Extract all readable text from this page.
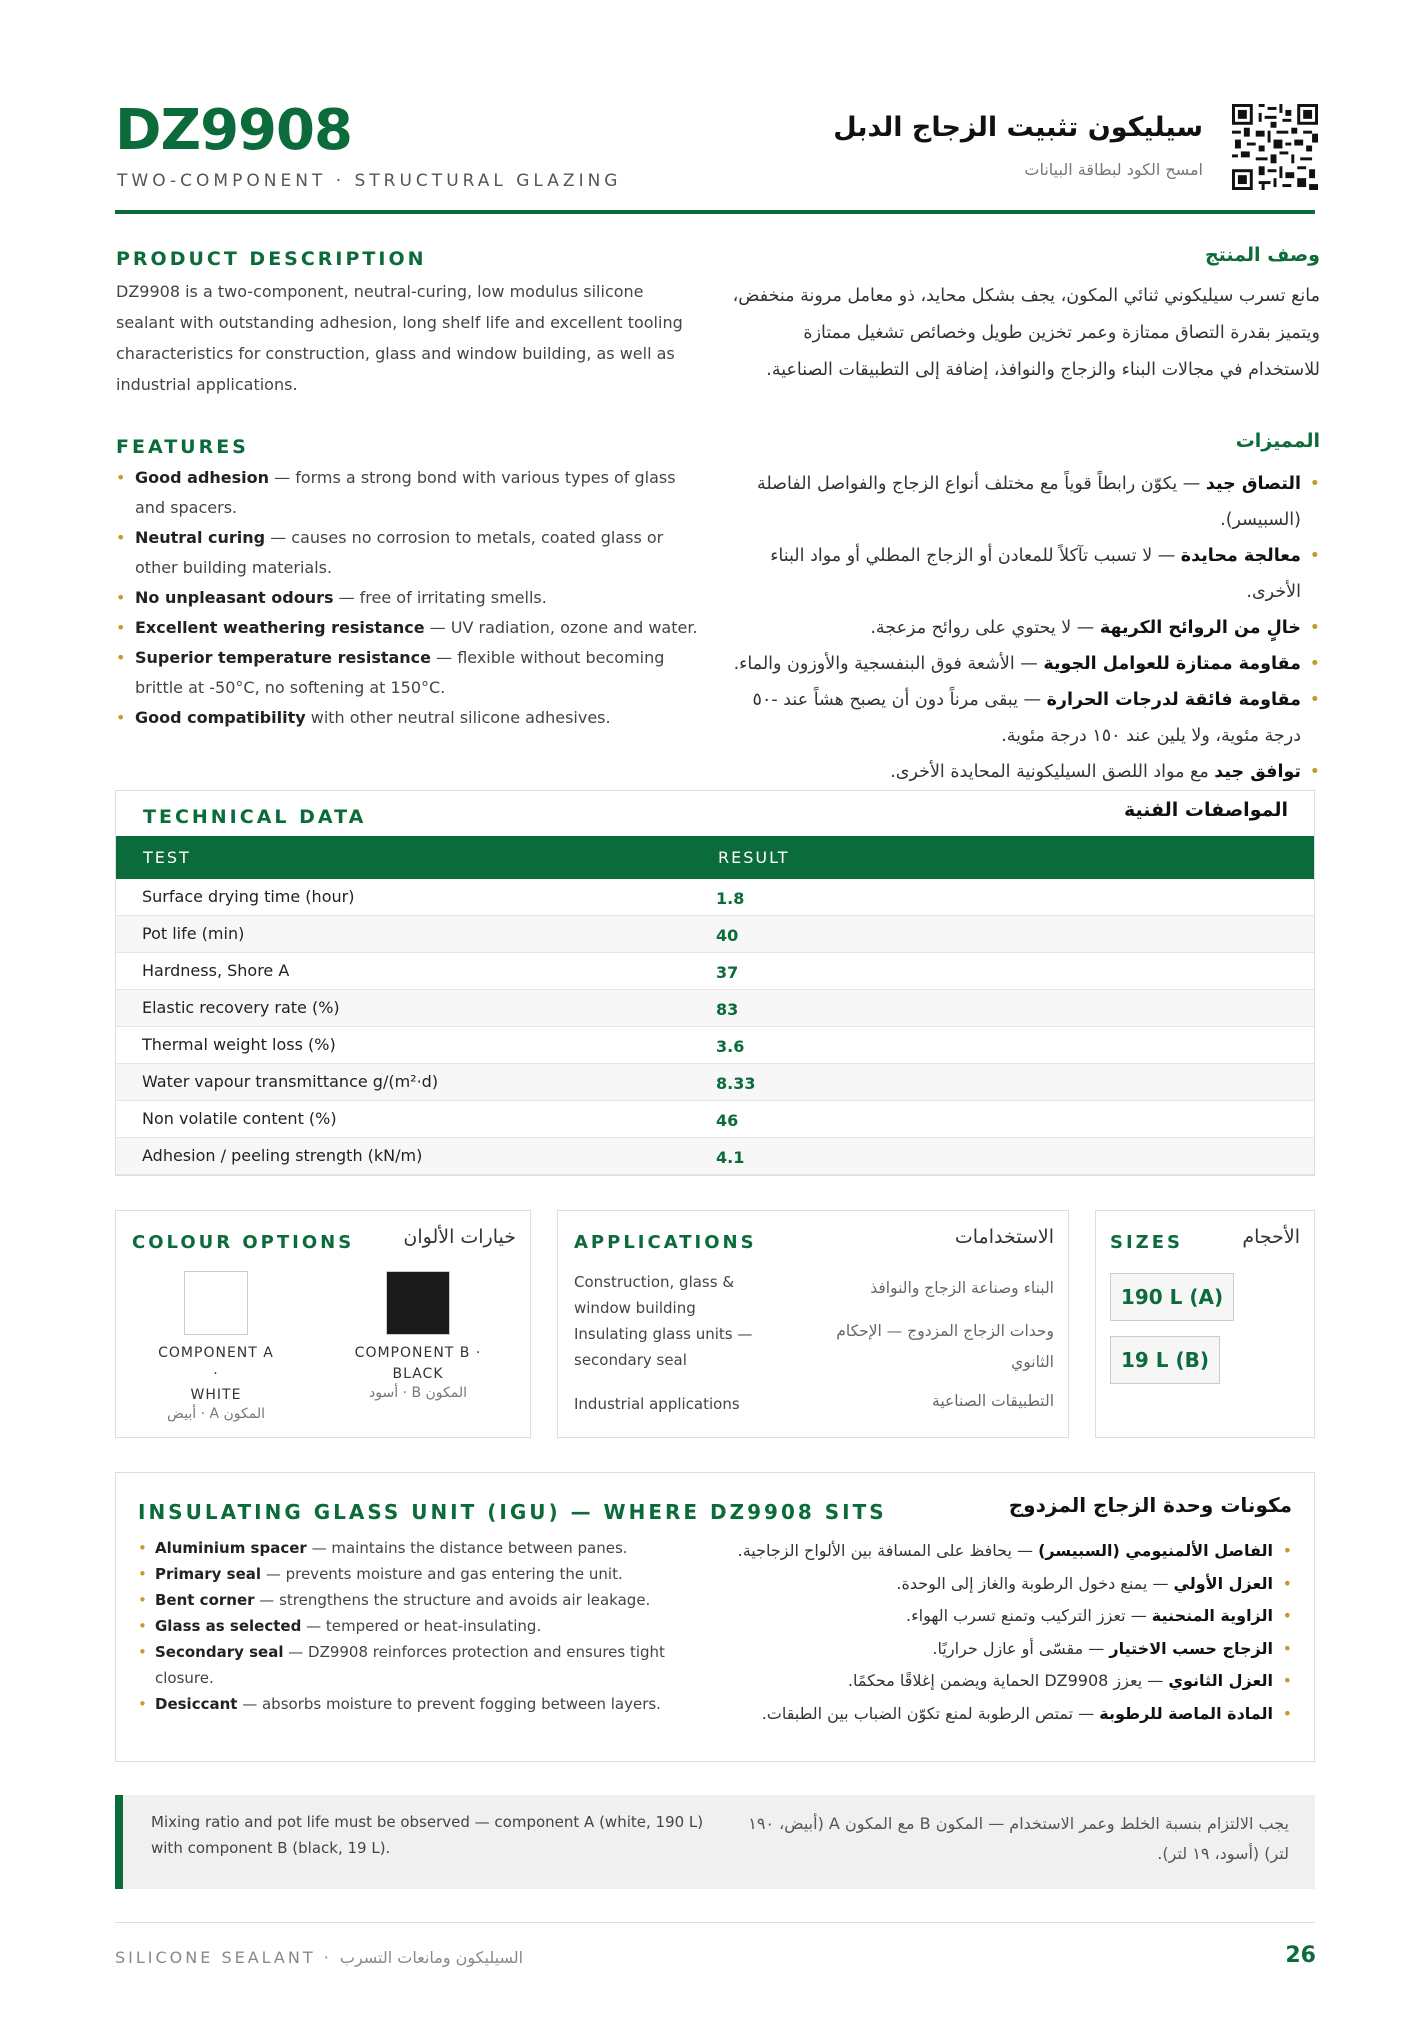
DZ9908
TWO-COMPONENT · STRUCTURAL GLAZING
سيليكون تثبيت الزجاج الدبل
امسح الكود لبطاقة البيانات
PRODUCT DESCRIPTION	وصف المنتج
DZ9908 is a two-component, neutral-curing, low modulus silicone sealant with outstanding adhesion, long shelf life and excellent tooling characteristics for construction, glass and window building, as well as industrial applications.
مانع تسرب سيليكوني ثنائي المكون، يجف بشكل محايد، ذو معامل مرونة منخفض، ويتميز بقدرة التصاق ممتازة وعمر تخزين طويل وخصائص تشغيل ممتازة للاستخدام في مجالات البناء والزجاج والنوافذ، إضافة إلى التطبيقات الصناعية.
FEATURES	المميزات
• Good adhesion — forms a strong bond with various types of glass and spacers.
• Neutral curing — causes no corrosion to metals, coated glass or other building materials.
• No unpleasant odours — free of irritating smells.
• Excellent weathering resistance — UV radiation, ozone and water.
• Superior temperature resistance — flexible without becoming brittle at -50°C, no softening at 150°C.
• Good compatibility with other neutral silicone adhesives.
• التصاق جيد — يكوّن رابطاً قوياً مع مختلف أنواع الزجاج والفواصل الفاصلة (السبيسر).
• معالجة محايدة — لا تسبب تآكلاً للمعادن أو الزجاج المطلي أو مواد البناء الأخرى.
• خالٍ من الروائح الكريهة — لا يحتوي على روائح مزعجة.
• مقاومة ممتازة للعوامل الجوية — الأشعة فوق البنفسجية والأوزون والماء.
• مقاومة فائقة لدرجات الحرارة — يبقى مرناً دون أن يصبح هشاً عند -٥٠ درجة مئوية، ولا يلين عند ١٥٠ درجة مئوية.
• توافق جيد مع مواد اللصق السيليكونية المحايدة الأخرى.
TECHNICAL DATA	المواصفات الفنية
TEST	RESULT
Surface drying time (hour)	1.8
Pot life (min)	40
Hardness, Shore A	37
Elastic recovery rate (%)	83
Thermal weight loss (%)	3.6
Water vapour transmittance g/(m²·d)	8.33
Non volatile content (%)	46
Adhesion / peeling strength (kN/m)	4.1
COLOUR OPTIONS	خيارات الألوان
COMPONENT A ·
WHITE
المكون A · أبيض
COMPONENT B ·
BLACK
المكون B · أسود
APPLICATIONS	الاستخدامات
Construction, glass & window building
Insulating glass units — secondary seal
Industrial applications
البناء وصناعة الزجاج والنوافذ
وحدات الزجاج المزدوج — الإحكام الثانوي
التطبيقات الصناعية
SIZES	الأحجام
190 L (A)
19 L (B)
INSULATING GLASS UNIT (IGU) — WHERE DZ9908 SITS	مكونات وحدة الزجاج المزدوج
• Aluminium spacer — maintains the distance between panes.
• Primary seal — prevents moisture and gas entering the unit.
• Bent corner — strengthens the structure and avoids air leakage.
• Glass as selected — tempered or heat-insulating.
• Secondary seal — DZ9908 reinforces protection and ensures tight closure.
• Desiccant — absorbs moisture to prevent fogging between layers.
• الفاصل الألمنيومي (السبيسر) — يحافظ على المسافة بين الألواح الزجاجية.
• العزل الأولي — يمنع دخول الرطوبة والغاز إلى الوحدة.
• الزاوية المنحنية — تعزز التركيب وتمنع تسرب الهواء.
• الزجاج حسب الاختيار — مقسّى أو عازل حراريًا.
• العزل الثانوي — يعزز DZ9908 الحماية ويضمن إغلاقًا محكمًا.
• المادة الماصة للرطوبة — تمتص الرطوبة لمنع تكوّن الضباب بين الطبقات.
Mixing ratio and pot life must be observed — component A (white, 190 L) with component B (black, 19 L).
يجب الالتزام بنسبة الخلط وعمر الاستخدام — المكون B مع المكون A (أبيض، ١٩٠ لتر) (أسود، ١٩ لتر).
SILICONE SEALANT · السيليكون ومانعات التسرب	26
